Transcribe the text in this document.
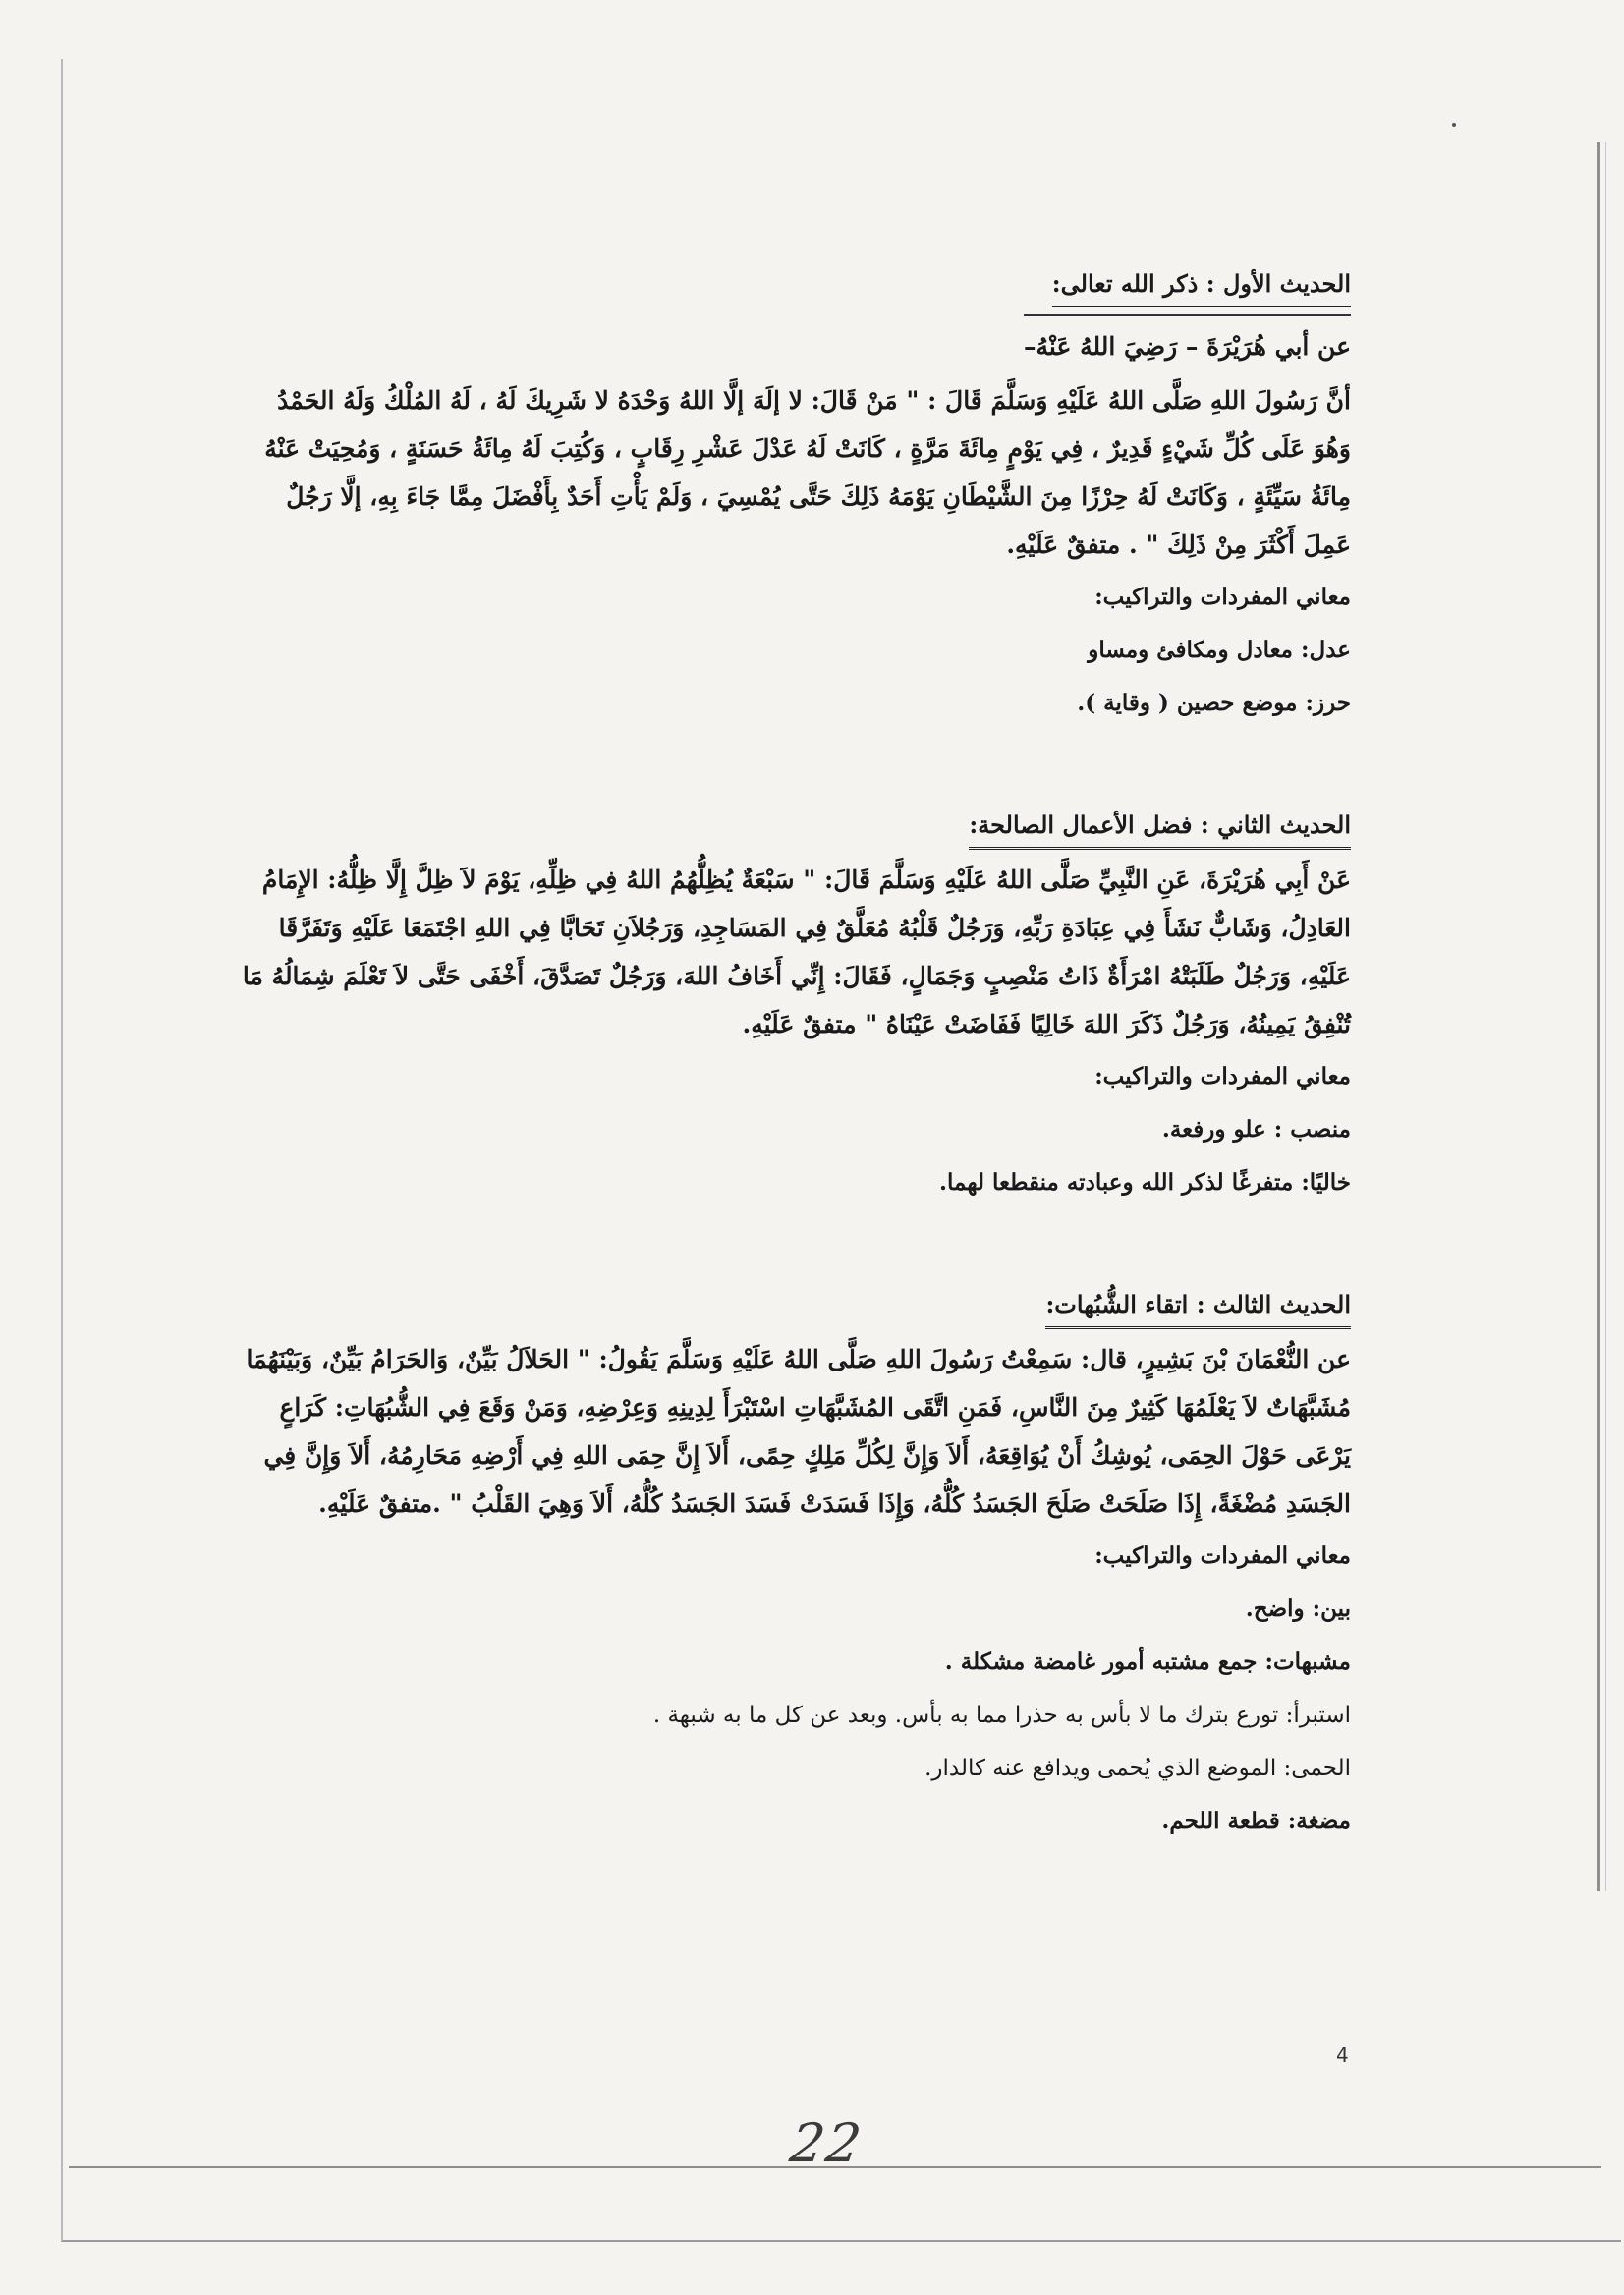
الحديث الأول : ذكر الله تعالى:

عن أبي هُرَيْرَةَ – رَضِيَ اللهُ عَنْهُ–

أنَّ رَسُولَ اللهِ صَلَّى اللهُ عَلَيْهِ وَسَلَّمَ قَالَ : " مَنْ قَالَ: لا إلَهَ إلَّا اللهُ وَحْدَهُ لا شَرِيكَ لَهُ ، لَهُ المُلْكُ وَلَهُ الحَمْدُ وَهُوَ عَلَى كُلِّ شَيْءٍ قَدِيرٌ ، فِي يَوْمٍ مِائَةَ مَرَّةٍ ، كَانَتْ لَهُ عَدْلَ عَشْرِ رِقَابٍ ، وَكُتِبَ لَهُ مِائَةُ حَسَنَةٍ ، وَمُحِيَتْ عَنْهُ مِائَةُ سَيِّئَةٍ ، وَكَانَتْ لَهُ حِرْزًا مِنَ الشَّيْطَانِ يَوْمَهُ ذَلِكَ حَتَّى يُمْسِيَ ، وَلَمْ يَأْتِ أَحَدٌ بِأَفْضَلَ مِمَّا جَاءَ بِهِ، إلَّا رَجُلٌ عَمِلَ أَكْثَرَ مِنْ ذَلِكَ " . متفقٌ عَلَيْهِ.

معاني المفردات والتراكيب:

عدل: معادل ومكافئ ومساو

حرز: موضع حصين ( وقاية ).

الحديث الثاني : فضل الأعمال الصالحة:

عَنْ أَبِي هُرَيْرَةَ، عَنِ النَّبِيِّ صَلَّى اللهُ عَلَيْهِ وَسَلَّمَ قَالَ: " سَبْعَةٌ يُظِلُّهُمُ اللهُ فِي ظِلِّهِ، يَوْمَ لاَ ظِلَّ إِلَّا ظِلُّهُ: الإِمَامُ العَادِلُ، وَشَابٌّ نَشَأَ فِي عِبَادَةِ رَبِّهِ، وَرَجُلٌ قَلْبُهُ مُعَلَّقٌ فِي المَسَاجِدِ، وَرَجُلاَنِ تَحَابَّا فِي اللهِ اجْتَمَعَا عَلَيْهِ وَتَفَرَّقَا عَلَيْهِ، وَرَجُلٌ طَلَبَتْهُ امْرَأَةٌ ذَاتُ مَنْصِبٍ وَجَمَالٍ، فَقَالَ: إِنِّي أَخَافُ اللهَ، وَرَجُلٌ تَصَدَّقَ، أَخْفَى حَتَّى لاَ تَعْلَمَ شِمَالُهُ مَا تُنْفِقُ يَمِينُهُ، وَرَجُلٌ ذَكَرَ اللهَ خَالِيًا فَفَاضَتْ عَيْنَاهُ " متفقٌ عَلَيْهِ.

معاني المفردات والتراكيب:

منصب : علو ورفعة.

خاليًا: متفرغًا لذكر الله وعبادته منقطعا لهما.

الحديث الثالث : اتقاء الشُّبُهات:

عن النُّعْمَانَ بْنَ بَشِيرٍ، قال: سَمِعْتُ رَسُولَ اللهِ صَلَّى اللهُ عَلَيْهِ وَسَلَّمَ يَقُولُ: " الحَلاَلُ بَيِّنٌ، وَالحَرَامُ بَيِّنٌ، وَبَيْنَهُمَا مُشَبَّهَاتٌ لاَ يَعْلَمُهَا كَثِيرٌ مِنَ النَّاسِ، فَمَنِ اتَّقَى المُشَبَّهَاتِ اسْتَبْرَأَ لِدِينِهِ وَعِرْضِهِ، وَمَنْ وَقَعَ فِي الشُّبُهَاتِ: كَرَاعٍ يَرْعَى حَوْلَ الحِمَى، يُوشِكُ أَنْ يُوَاقِعَهُ، أَلاَ وَإِنَّ لِكُلِّ مَلِكٍ حِمًى، أَلاَ إِنَّ حِمَى اللهِ فِي أَرْضِهِ مَحَارِمُهُ، أَلاَ وَإِنَّ فِي الجَسَدِ مُضْغَةً، إِذَا صَلَحَتْ صَلَحَ الجَسَدُ كُلُّهُ، وَإِذَا فَسَدَتْ فَسَدَ الجَسَدُ كُلُّهُ، أَلاَ وَهِيَ القَلْبُ " .متفقٌ عَلَيْهِ.

معاني المفردات والتراكيب:

بين: واضح.

مشبهات: جمع مشتبه أمور غامضة مشكلة .

استبرأ: تورع بترك ما لا بأس به حذرا مما به بأس. وبعد عن كل ما به شبهة .

الحمى: الموضع الذي يُحمى ويدافع عنه كالدار.

مضغة: قطعة اللحم.

4
22
